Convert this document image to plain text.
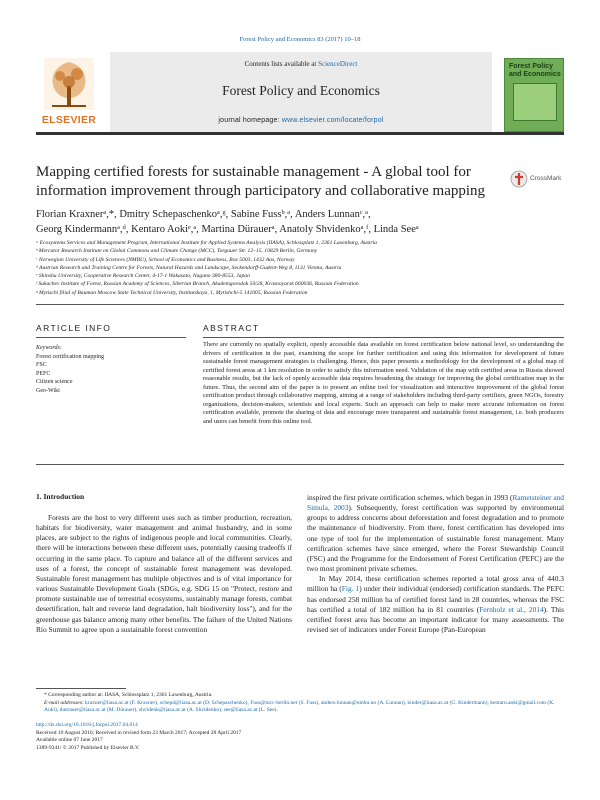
Forest Policy and Economics 83 (2017) 10–18
ELSEVIER
Contents lists available at ScienceDirect
Forest Policy and Economics
journal homepage: www.elsevier.com/locate/forpol
Forest Policy and Economics
Mapping certified forests for sustainable management - A global tool for information improvement through participatory and collaborative mapping
CrossMark
Florian Kraxnerᵃ,*, Dmitry Schepaschenkoᵃ,ᵍ, Sabine Fussᵇ,ᵃ, Anders Lunnanᶜ,ᵃ,
Georg Kindermannᵃ,ᵈ, Kentaro Aokiᵉ,ᵃ, Martina Dürauerᵃ, Anatoly Shvidenkoᵃ,ᶠ, Linda Seeᵃ
ᵃ Ecosystems Services and Management Program, International Institute for Applied Systems Analysis (IIASA), Schlossplatz 1, 2361 Laxenburg, Austria
ᵇ Mercator Research Institute on Global Commons and Climate Change (MCC), Torgauer Str. 12–15, 10829 Berlin, Germany
ᶜ Norwegian University of Life Sciences (NMBU), School of Economics and Business, Box 5003, 1432 Aas, Norway
ᵈ Austrian Research and Training Centre for Forests, Natural Hazards and Landscape, Seckendorff-Gudent-Weg 8, 1131 Vienna, Austria
ᵉ Shinshu University, Cooperative Research Center, 4-17-1 Wakasato, Nagano 380-8553, Japan
ᶠ Sukachev Institute of Forest, Russian Academy of Sciences, Siberian Branch, Akademgorodok 50/28, Krasnoyarsk 660036, Russian Federation
ᵍ Mytischi filial of Bauman Moscow State Technical University, Institutskaya, 1, Mytishchi-5 141005, Russian Federation
ARTICLE INFO	ABSTRACT
Keywords:
Forest certification mapping
FSC
PEFC
Citizen science
Geo-Wiki
There are currently no spatially explicit, openly accessible data available on forest certification below national level, so understanding the drivers of certification in the past, examining the scope for further certification and using this information for development of future sustainable forest management strategies is challenging. Hence, this paper presents a methodology for the development of a global map of certified forest areas at 1 km resolution in order to satisfy this information need. Validation of the map with certified areas in Russia showed reasonable results, but the lack of openly accessible data requires broadening the strategy for improving the global certification map in the future. Thus, the second aim of the paper is to present an online tool for visualization and interactive improvement of the global forest certification product through collaborative mapping, aiming at a range of stakeholders including third-party certifiers, green NGOs, forestry organizations, decision-makers, scientists and local experts. Such an approach can help to make more accurate information on forest certification available, promote the sharing of data and encourage more transparent and sustainable forest management, i.e. both producers and users can benefit from this online tool.
1. Introduction

Forests are the host to very different uses such as timber production, recreation, habitats for biodiversity, water management and animal husbandry, and in some places, are subject to the rights of indigenous people and local communities. Clearly, there will be interactions between these different uses, potentially causing tradeoffs if occurring in the same place. To capture and balance all of the different services and uses of a forest, the concept of sustainable forest management was developed. Sustainable forest management has multiple objectives and is of vital importance for various Sustainable Development Goals (SDGs, e.g. SDG 15 on "Protect, restore and promote sustainable use of terrestrial ecosystems, sustainably manage forests, combat desertification, halt and reverse land degradation, halt biodiversity loss"), and for the greenhouse gas balance among many other benefits. The failure of the United Nations Rio Summit to agree upon a sustainable forest convention

inspired the first private certification schemes, which began in 1993 (Rametsteiner and Simula, 2003). Subsequently, forest certification was supported by environmental groups to address concerns about deforestation and forest degradation and to promote the maintenance of biodiversity. From there, forest certification has developed into one type of tool for the implementation of sustainable forest management. Many certification schemes have since emerged, where the Forest Stewardship Council (FSC) and the Programme for the Endorsement of Forest Certification (PEFC) are the two most prominent private schemes.

In May 2014, these certification schemes reported a total gross area of 440.3 million ha (Fig. 1) under their individual (endorsed) certification standards. The PEFC has endorsed 258 million ha of certified forest land in 28 countries, whereas the FSC has certified a total of 182 million ha in 81 countries (Fernholz et al., 2014). This certified forest area has become an important indicator for many assessments. The revised set of indicators under Forest Europe (Pan-European

* Corresponding author at: IIASA, Schlossplatz 1, 2361 Laxenburg, Austria.
E-mail addresses: kraxner@iiasa.ac.at (F. Kraxner), schepd@iiasa.ac.at (D. Schepaschenko), Fuss@mcc-berlin.net (S. Fuss), anders.lunnan@nmbu.no (A. Lunnan), kinder@iiasa.ac.at (G. Kindermann), kentaro.aoki@gmail.com (K. Aoki), duerauer@iiasa.ac.at (M. Dürauer), shvidenk@iiasa.ac.at (A. Shvidenko), see@iiasa.ac.at (L. See).
http://dx.doi.org/10.1016/j.forpol.2017.04.014
Received 10 August 2016; Received in revised form 23 March 2017; Accepted 28 April 2017
Available online 07 June 2017
1389-9341/ © 2017 Published by Elsevier B.V.
